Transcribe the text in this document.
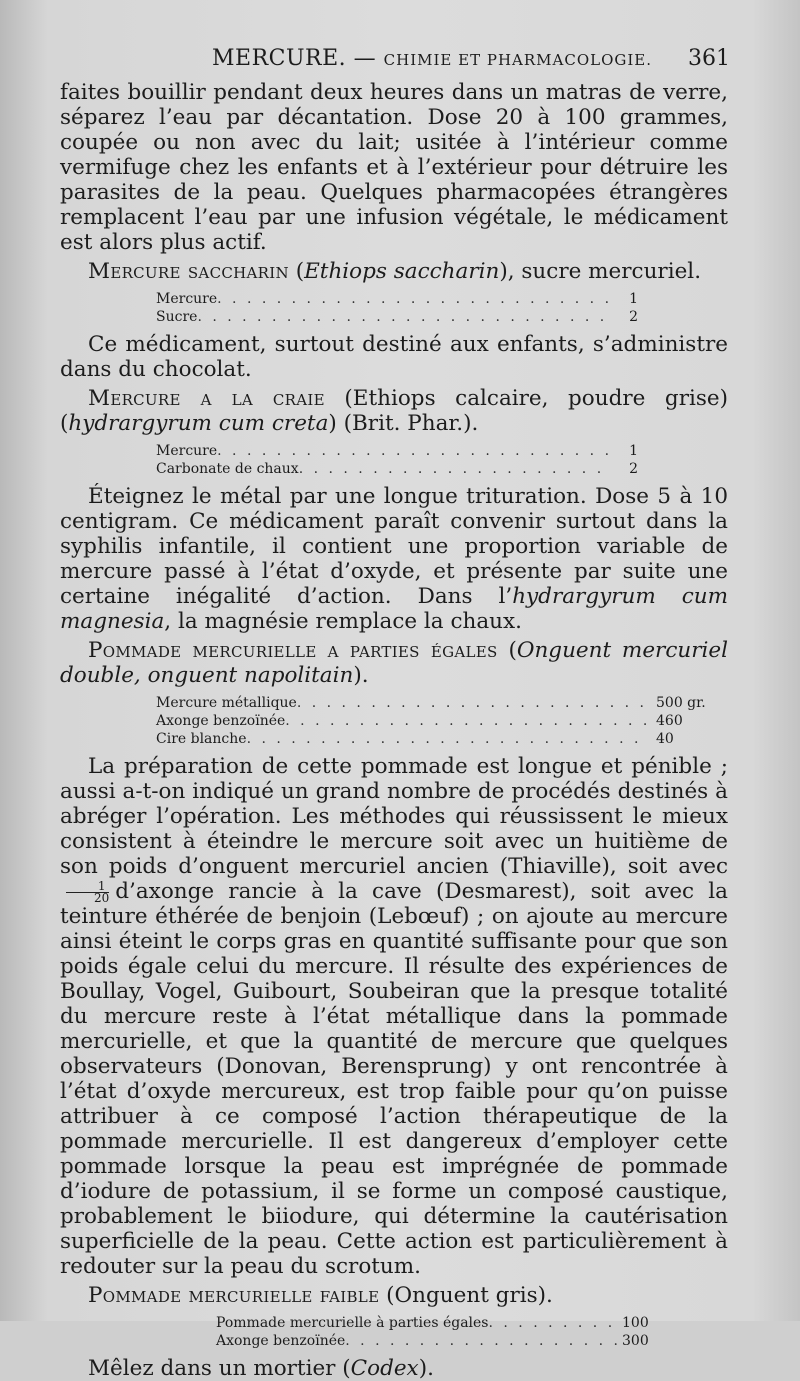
MERCURE. — CHIMIE ET PHARMACOLOGIE. 361

faites bouillir pendant deux heures dans un matras de verre, séparez l’eau par décantation. Dose 20 à 100 grammes, coupée ou non avec du lait; usitée à l’intérieur comme vermifuge chez les enfants et à l’extérieur pour détruire les parasites de la peau. Quelques pharmacopées étrangères remplacent l’eau par une infusion végétale, le médicament est alors plus actif.

Mercure saccharin (Ethiops saccharin), sucre mercuriel.

Mercure . . .	1
Sucre . . .	2

Ce médicament, surtout destiné aux enfants, s’administre dans du chocolat.

Mercure a la craie (Ethiops calcaire, poudre grise) (hydrargyrum cum creta) (Brit. Phar.).

Mercure . . .	1
Carbonate de chaux . . .	2

Éteignez le métal par une longue trituration. Dose 5 à 10 centigram. Ce médicament paraît convenir surtout dans la syphilis infantile, il contient une proportion variable de mercure passé à l’état d’oxyde, et présente par suite une certaine inégalité d’action. Dans l’hydrargyrum cum magnesia, la magnésie remplace la chaux.

Pommade mercurielle a parties égales (Onguent mercuriel double, onguent napolitain).

Mercure métallique . . .	500 gr.
Axonge benzoïnée . . .	460
Cire blanche . . .	40

La préparation de cette pommade est longue et pénible ; aussi a-t-on indiqué un grand nombre de procédés destinés à abréger l’opération. Les méthodes qui réussissent le mieux consistent à éteindre le mercure soit avec un huitième de son poids d’onguent mercuriel ancien (Thiaville), soit avec
$\frac{1}{20}$ d’axonge rancie à la cave (Desmarest), soit avec la teinture éthérée de benjoin (Lebœuf) ; on ajoute au mercure ainsi éteint le corps gras en quantité suffisante pour que son poids égale celui du mercure. Il résulte des expériences de Boullay, Vogel, Guibourt, Soubeiran que la presque totalité du mercure reste à l’état métallique dans la pommade mercurielle, et que la quantité de mercure que quelques observateurs (Donovan, Berensprung) y ont rencontrée à l’état d’oxyde mercureux, est trop faible pour qu’on puisse attribuer à ce composé l’action thérapeutique de la pommade mercurielle. Il est dangereux d’employer cette pommade lorsque la peau est imprégnée de pommade d’iodure de potassium, il se forme un composé caustique, probablement le biiodure, qui détermine la cautérisation superficielle de la peau. Cette action est particulièrement à redouter sur la peau du scrotum.

Pommade mercurielle faible (Onguent gris).

Pommade mercurielle à parties égales . . .	100
Axonge benzoïnée . . .	300

Mêlez dans un mortier (Codex).
